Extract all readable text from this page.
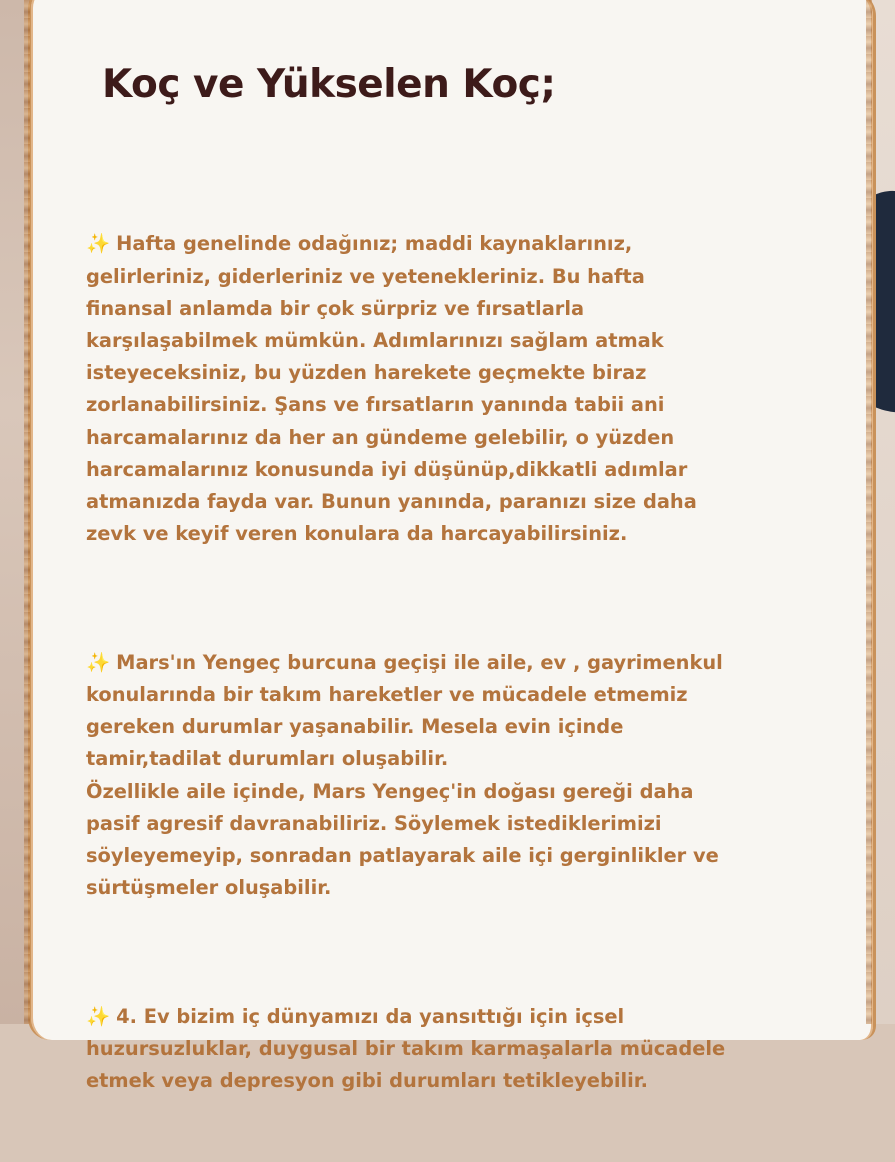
Koç ve Yükselen Koç;

✨ Hafta genelinde odağınız; maddi kaynaklarınız,
gelirleriniz, giderleriniz ve yetenekleriniz. Bu hafta
finansal anlamda bir çok sürpriz ve fırsatlarla
karşılaşabilmek mümkün. Adımlarınızı sağlam atmak
isteyeceksiniz, bu yüzden harekete geçmekte biraz
zorlanabilirsiniz. Şans ve fırsatların yanında tabii ani
harcamalarınız da her an gündeme gelebilir, o yüzden
harcamalarınız konusunda iyi düşünüp,dikkatli adımlar
atmanızda fayda var. Bunun yanında, paranızı size daha
zevk ve keyif veren konulara da harcayabilirsiniz.

✨ Mars'ın Yengeç burcuna geçişi ile aile, ev , gayrimenkul
konularında bir takım hareketler ve mücadele etmemiz
gereken durumlar yaşanabilir. Mesela evin içinde
tamir,tadilat durumları oluşabilir.
Özellikle aile içinde, Mars Yengeç'in doğası gereği daha
pasif agresif davranabiliriz. Söylemek istediklerimizi
söyleyemeyip, sonradan patlayarak aile içi gerginlikler ve
sürtüşmeler oluşabilir.

✨ 4. Ev bizim iç dünyamızı da yansıttığı için içsel
huzursuzluklar, duygusal bir takım karmaşalarla mücadele
etmek veya depresyon gibi durumları tetikleyebilir.
